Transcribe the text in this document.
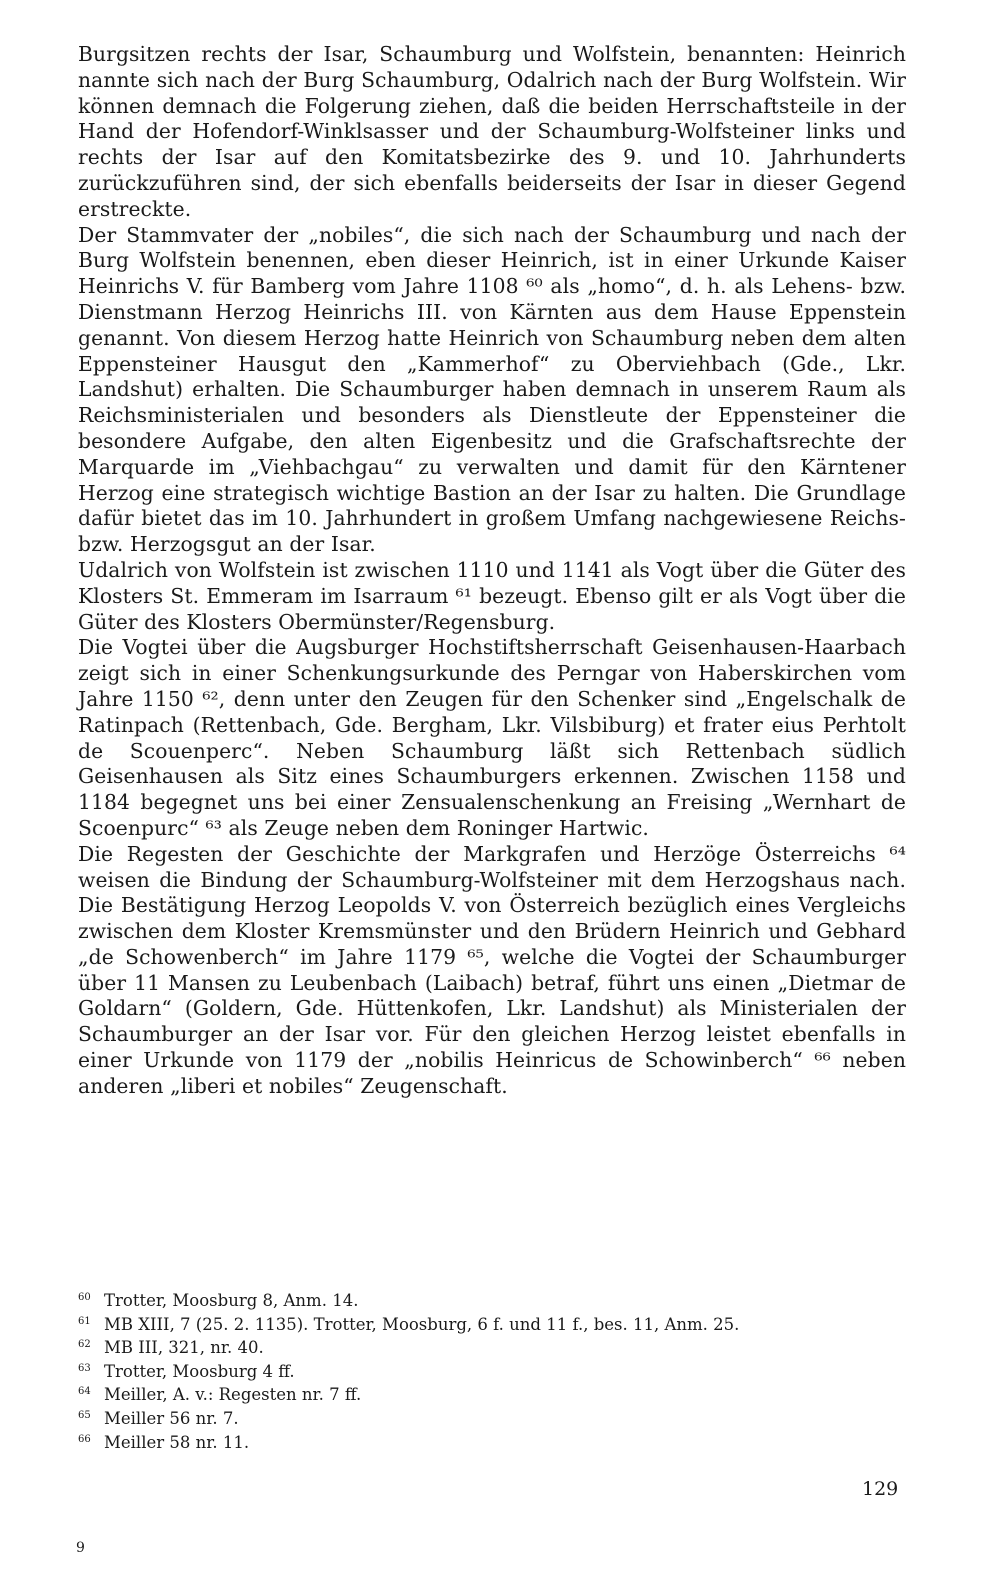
Burgsitzen rechts der Isar, Schaumburg und Wolfstein, benannten: Heinrich nannte sich nach der Burg Schaumburg, Odalrich nach der Burg Wolfstein. Wir können demnach die Folgerung ziehen, daß die beiden Herrschaftsteile in der Hand der Hofendorf-Winklsasser und der Schaumburg-Wolfsteiner links und rechts der Isar auf den Komitatsbezirke des 9. und 10. Jahrhunderts zurückzuführen sind, der sich ebenfalls beiderseits der Isar in dieser Gegend erstreckte.

Der Stammvater der „nobiles“, die sich nach der Schaumburg und nach der Burg Wolfstein benennen, eben dieser Heinrich, ist in einer Urkunde Kaiser Heinrichs V. für Bamberg vom Jahre 1108 ⁶⁰ als „homo“, d. h. als Lehens- bzw. Dienstmann Herzog Heinrichs III. von Kärnten aus dem Hause Eppenstein genannt. Von diesem Herzog hatte Heinrich von Schaumburg neben dem alten Eppensteiner Hausgut den „Kammerhof“ zu Oberviehbach (Gde., Lkr. Landshut) erhalten. Die Schaumburger haben demnach in unserem Raum als Reichsministerialen und besonders als Dienstleute der Eppensteiner die besondere Aufgabe, den alten Eigenbesitz und die Grafschaftsrechte der Marquarde im „Viehbachgau“ zu verwalten und damit für den Kärntener Herzog eine strategisch wichtige Bastion an der Isar zu halten. Die Grundlage dafür bietet das im 10. Jahrhundert in großem Umfang nachgewiesene Reichs- bzw. Herzogsgut an der Isar.

Udalrich von Wolfstein ist zwischen 1110 und 1141 als Vogt über die Güter des Klosters St. Emmeram im Isarraum ⁶¹ bezeugt. Ebenso gilt er als Vogt über die Güter des Klosters Obermünster/Regensburg.

Die Vogtei über die Augsburger Hochstiftsherrschaft Geisenhausen-Haarbach zeigt sich in einer Schenkungsurkunde des Perngar von Haberskirchen vom Jahre 1150 ⁶², denn unter den Zeugen für den Schenker sind „Engelschalk de Ratinpach (Rettenbach, Gde. Bergham, Lkr. Vilsbiburg) et frater eius Perhtolt de Scouenperc“. Neben Schaumburg läßt sich Rettenbach südlich Geisenhausen als Sitz eines Schaumburgers erkennen. Zwischen 1158 und 1184 begegnet uns bei einer Zensualenschenkung an Freising „Wernhart de Scoenpurc“ ⁶³ als Zeuge neben dem Roninger Hartwic.

Die Regesten der Geschichte der Markgrafen und Herzöge Österreichs ⁶⁴ weisen die Bindung der Schaumburg-Wolfsteiner mit dem Herzogshaus nach. Die Bestätigung Herzog Leopolds V. von Österreich bezüglich eines Vergleichs zwischen dem Kloster Kremsmünster und den Brüdern Heinrich und Gebhard „de Schowenberch“ im Jahre 1179 ⁶⁵, welche die Vogtei der Schaumburger über 11 Mansen zu Leubenbach (Laibach) betraf, führt uns einen „Dietmar de Goldarn“ (Goldern, Gde. Hüttenkofen, Lkr. Landshut) als Ministerialen der Schaumburger an der Isar vor. Für den gleichen Herzog leistet ebenfalls in einer Urkunde von 1179 der „nobilis Heinricus de Schowinberch“ ⁶⁶ neben anderen „liberi et nobiles“ Zeugenschaft.

60 Trotter, Moosburg 8, Anm. 14.
61 MB XIII, 7 (25. 2. 1135). Trotter, Moosburg, 6 f. und 11 f., bes. 11, Anm. 25.
62 MB III, 321, nr. 40.
63 Trotter, Moosburg 4 ff.
64 Meiller, A. v.: Regesten nr. 7 ff.
65 Meiller 56 nr. 7.
66 Meiller 58 nr. 11.
129
9
